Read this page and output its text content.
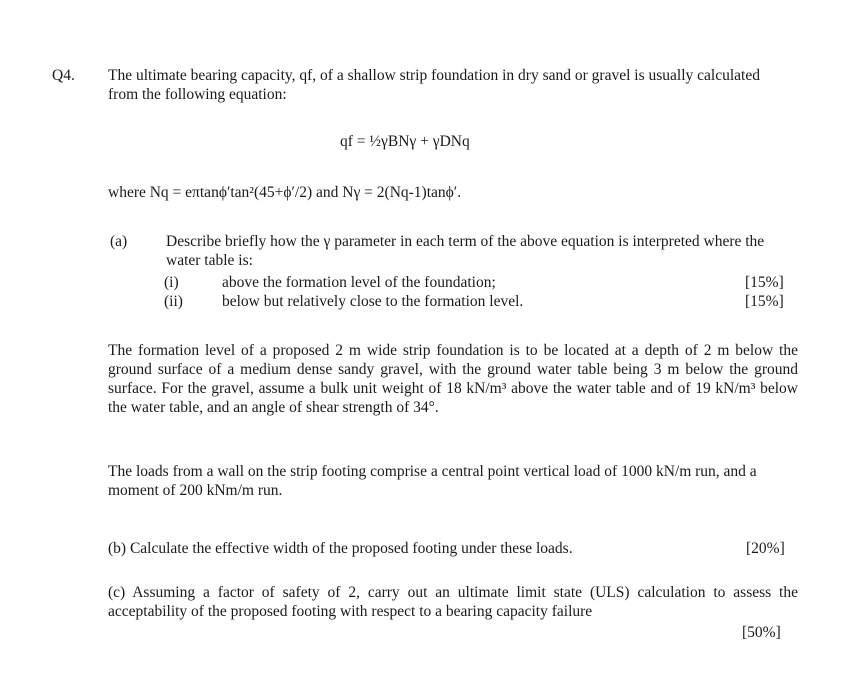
Q4. The ultimate bearing capacity, qf, of a shallow strip foundation in dry sand or gravel is usually calculated from the following equation:
qf = ½γBNγ + γDNq
where Nq = eπtanϕ′tan²(45+ϕ′/2) and Nγ = 2(Nq-1)tanϕ′.
(a)	Describe briefly how the γ parameter in each term of the above equation is interpreted where the water table is:
(i)	above the formation level of the foundation;	[15%]
(ii)	below but relatively close to the formation level.	[15%]
The formation level of a proposed 2 m wide strip foundation is to be located at a depth of 2 m below the ground surface of a medium dense sandy gravel, with the ground water table being 3 m below the ground surface. For the gravel, assume a bulk unit weight of 18 kN/m³ above the water table and of 19 kN/m³ below the water table, and an angle of shear strength of 34°.
The loads from a wall on the strip footing comprise a central point vertical load of 1000 kN/m run, and a moment of 200 kNm/m run.
(b) Calculate the effective width of the proposed footing under these loads.	[20%]
(c) Assuming a factor of safety of 2, carry out an ultimate limit state (ULS) calculation to assess the acceptability of the proposed footing with respect to a bearing capacity failure
[50%]
